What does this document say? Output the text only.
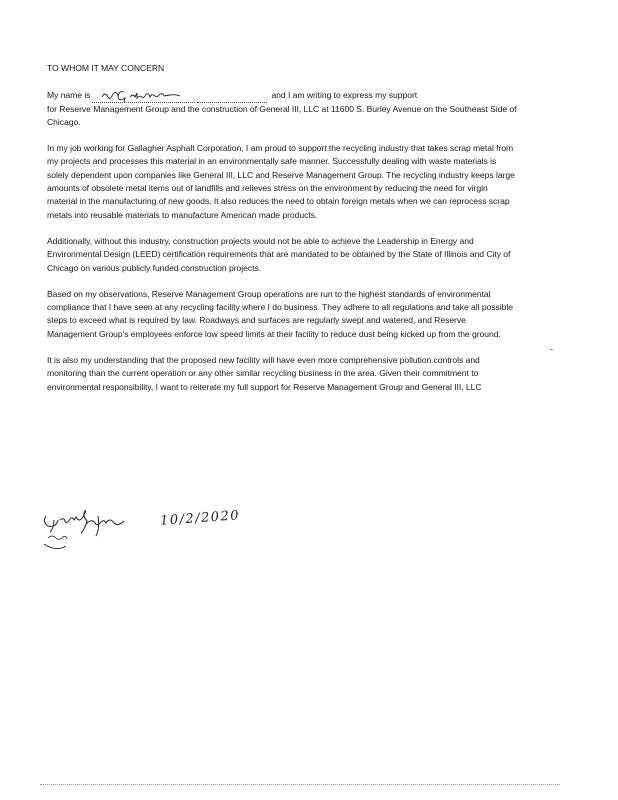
TO WHOM IT MAY CONCERN

My name is	and I am writing to express my support
for Reserve Management Group and the construction of General III, LLC at 11600 S. Burley Avenue on the Southeast Side of Chicago.

In my job working for Gallagher Asphalt Corporation, I am proud to support the recycling industry that takes scrap metal from my projects and processes this material in an environmentally safe manner. Successfully dealing with waste materials is solely dependent upon companies like General III, LLC and Reserve Management Group. The recycling industry keeps large amounts of obsolete metal items out of landfills and relieves stress on the environment by reducing the need for virgin material in the manufacturing of new goods. It also reduces the need to obtain foreign metals when we can reprocess scrap metals into reusable materials to manufacture American made products.

Additionally, without this industry, construction projects would not be able to achieve the Leadership in Energy and Environmental Design (LEED) certification requirements that are mandated to be obtained by the State of Illinois and City of Chicago on various publicly funded construction projects.

Based on my observations, Reserve Management Group operations are run to the highest standards of environmental compliance that I have seen at any recycling facility where I do business. They adhere to all regulations and take all possible steps to exceed what is required by law. Roadways and surfaces are regularly swept and watered, and Reserve Management Group's employees enforce low speed limits at their facility to reduce dust being kicked up from the ground.

It is also my understanding that the proposed new facility will have even more comprehensive pollution controls and monitoring than the current operation or any other similar recycling business in the area. Given their commitment to environmental responsibility, I want to reiterate my full support for Reserve Management Group and General III, LLC

-
10/2/2020
